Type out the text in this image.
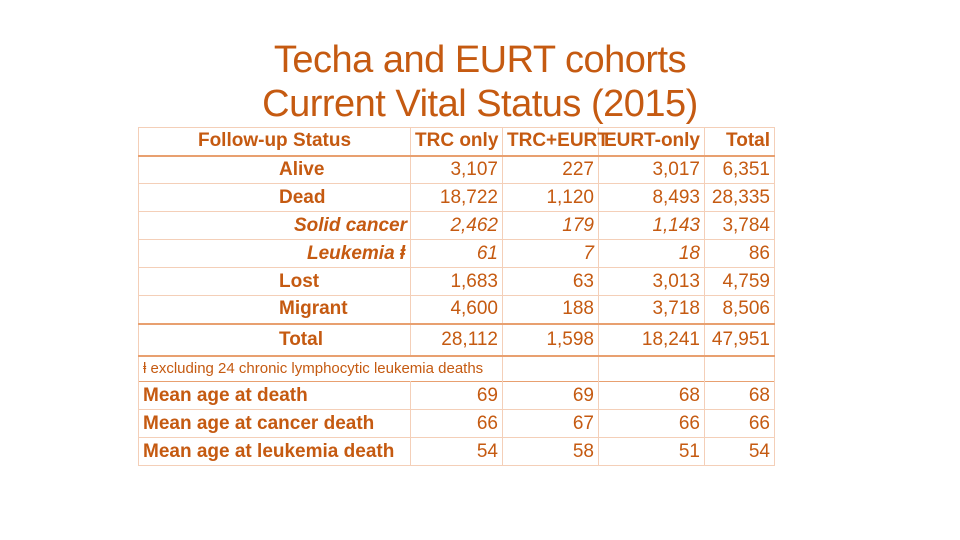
Techa and EURT cohorts
Current Vital Status (2015)
Follow-up Status	TRC only	TRC+EURT	EURT-only	Total
Alive	3,107	227	3,017	6,351
Dead	18,722	1,120	8,493	28,335
Solid cancer	2,462	179	1,143	3,784
Leukemia ⱡ	61	7	18	86
Lost	1,683	63	3,013	4,759
Migrant	4,600	188	3,718	8,506
Total	28,112	1,598	18,241	47,951
ⱡ excluding 24 chronic lymphocytic leukemia deaths				
Mean age at death	69	69	68	68
Mean age at cancer death	66	67	66	66
Mean age at leukemia death	54	58	51	54
